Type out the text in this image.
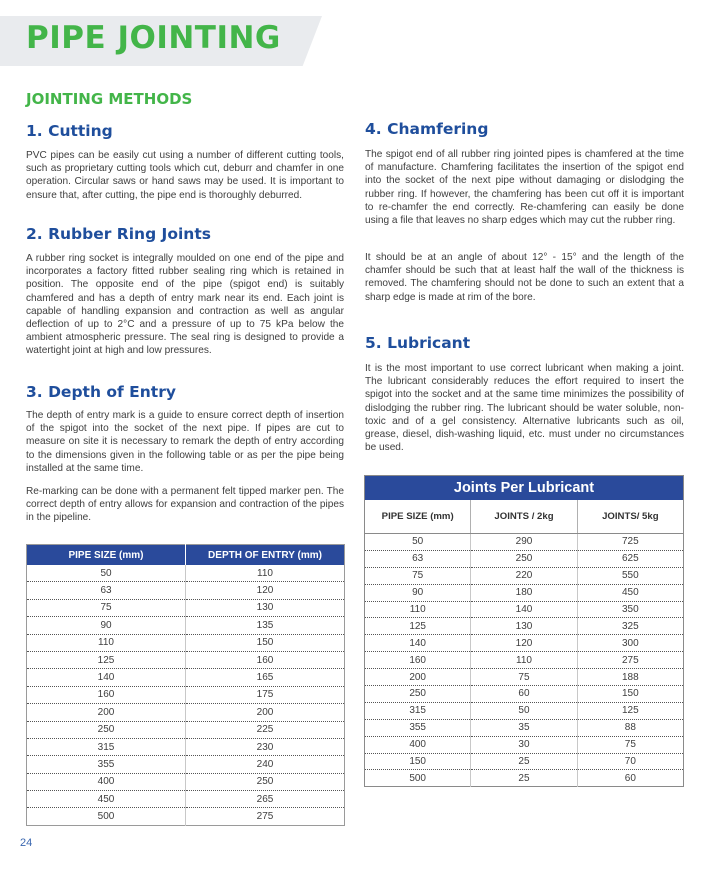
PIPE JOINTING
JOINTING METHODS
1. Cutting

PVC pipes can be easily cut using a number of different cutting tools, such as proprietary cutting tools which cut, deburr and chamfer in one operation. Circular saws or hand saws may be used. It is important to ensure that, after cutting, the pipe end is thoroughly deburred.

2. Rubber Ring Joints

A rubber ring socket is integrally moulded on one end of the pipe and incorporates a factory fitted rubber sealing ring which is retained in position. The opposite end of the pipe (spigot end) is suitably chamfered and has a depth of entry mark near its end. Each joint is capable of handling expansion and contraction as well as angular deflection of up to 2°C and a pressure of up to 75 kPa below the ambient atmospheric pressure. The seal ring is designed to provide a watertight joint at high and low pressures.

3. Depth of Entry

The depth of entry mark is a guide to ensure correct depth of insertion of the spigot into the socket of the next pipe. If pipes are cut to measure on site it is necessary to remark the depth of entry according to the dimensions given in the following table or as per the pipe being installed at the same time.

Re-marking can be done with a permanent felt tipped marker pen. The correct depth of entry allows for expansion and contraction of the pipes in the pipeline.

PIPE SIZE (mm)	DEPTH OF ENTRY (mm)
50	110
63	120
75	130
90	135
110	150
125	160
140	165
160	175
200	200
250	225
315	230
355	240
400	250
450	265
500	275
4. Chamfering

The spigot end of all rubber ring jointed pipes is chamfered at the time of manufacture. Chamfering facilitates the insertion of the spigot end into the socket of the next pipe without damaging or dislodging the rubber ring. If however, the chamfering has been cut off it is important to re-chamfer the end correctly. Re-chamfering can easily be done using a file that leaves no sharp edges which may cut the rubber ring.

It should be at an angle of about 12° - 15° and the length of the chamfer should be such that at least half the wall of the thickness is removed. The chamfering should not be done to such an extent that a sharp edge is made at rim of the bore.

5. Lubricant

It is the most important to use correct lubricant when making a joint. The lubricant considerably reduces the effort required to insert the spigot into the socket and at the same time minimizes the possibility of dislodging the rubber ring. The lubricant should be water soluble, non-toxic and of a gel consistency. Alternative lubricants such as oil, grease, diesel, dish-washing liquid, etc. must under no circumstances be used.

Joints Per Lubricant		
PIPE SIZE (mm)	JOINTS / 2kg	JOINTS/ 5kg
50	290	725
63	250	625
75	220	550
90	180	450
110	140	350
125	130	325
140	120	300
160	110	275
200	75	188
250	60	150
315	50	125
355	35	88
400	30	75
150	25	70
500	25	60
24
